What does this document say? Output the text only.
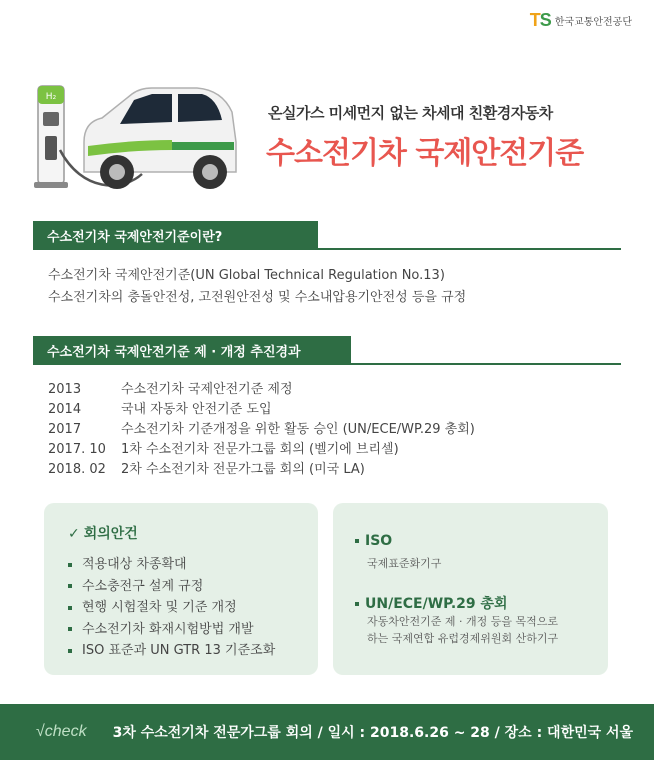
TS 한국교통안전공단
H₂
온실가스 미세먼지 없는 차세대 친환경자동차
수소전기차 국제안전기준
수소전기차 국제안전기준이란?
수소전기차 국제안전기준(UN Global Technical Regulation No.13)
수소전기차의 충돌안전성, 고전원안전성 및 수소내압용기안전성 등을 규정
수소전기차 국제안전기준 제 · 개정 추진경과
2013	수소전기차 국제안전기준 제정
2014	국내 자동차 안전기준 도입
2017	수소전기차 기준개정을 위한 활동 승인 (UN/ECE/WP.29 총회)
2017. 10	1차 수소전기차 전문가그룹 회의 (벨기에 브리셀)
2018. 02	2차 수소전기차 전문가그룹 회의 (미국 LA)
✓ 회의안건
적용대상 차종확대
수소충전구 설계 규정
현행 시험절차 및 기준 개정
수소전기차 화재시험방법 개발
ISO 표준과 UN GTR 13 기준조화
ISO
국제표준화기구
UN/ECE/WP.29 총회
자동차안전기준 제 · 개정 등을 목적으로
하는 국제연합 유럽경제위원회 산하기구
√check 3차 수소전기차 전문가그룹 회의 / 일시 : 2018.6.26 ~ 28 / 장소 : 대한민국 서울
